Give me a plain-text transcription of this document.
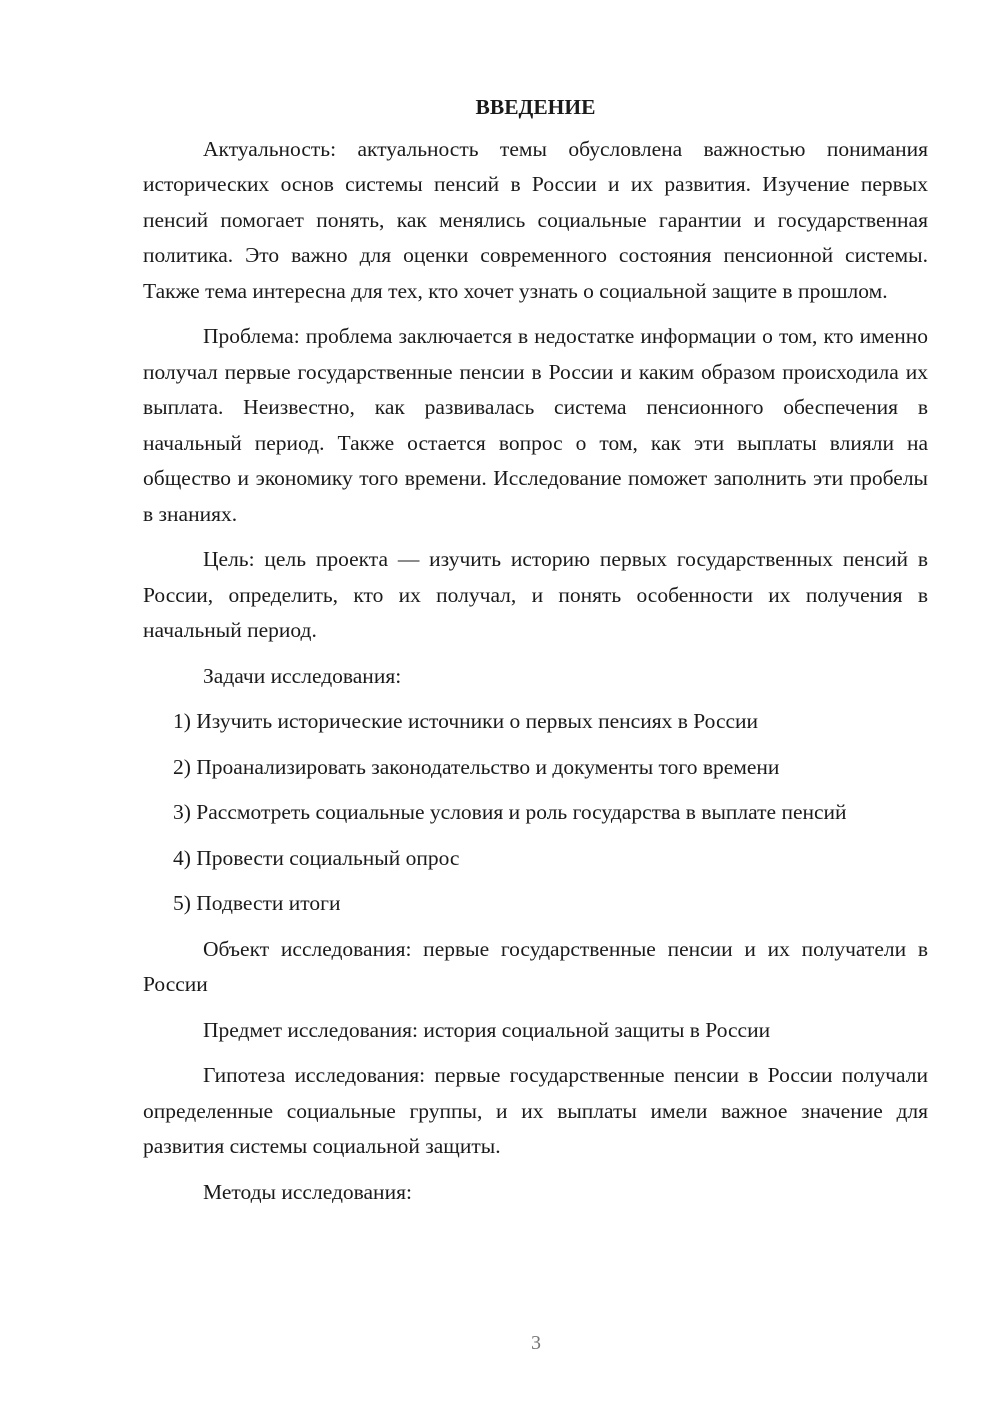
ВВЕДЕНИЕ

Актуальность: актуальность темы обусловлена важностью понимания исторических основ системы пенсий в России и их развития. Изучение первых пенсий помогает понять, как менялись социальные гарантии и государственная политика. Это важно для оценки современного состояния пенсионной системы. Также тема интересна для тех, кто хочет узнать о социальной защите в прошлом.

Проблема: проблема заключается в недостатке информации о том, кто именно получал первые государственные пенсии в России и каким образом происходила их выплата. Неизвестно, как развивалась система пенсионного обеспечения в начальный период. Также остается вопрос о том, как эти выплаты влияли на общество и экономику того времени. Исследование поможет заполнить эти пробелы в знаниях.

Цель: цель проекта — изучить историю первых государственных пенсий в России, определить, кто их получал, и понять особенности их получения в начальный период.

Задачи исследования:

1) Изучить исторические источники о первых пенсиях в России

2) Проанализировать законодательство и документы того времени

3) Рассмотреть социальные условия и роль государства в выплате пенсий

4) Провести социальный опрос

5) Подвести итоги

Объект исследования: первые государственные пенсии и их получатели в России

Предмет исследования: история социальной защиты в России

Гипотеза исследования: первые государственные пенсии в России получали определенные социальные группы, и их выплаты имели важное значение для развития системы социальной защиты.

Методы исследования:

3
